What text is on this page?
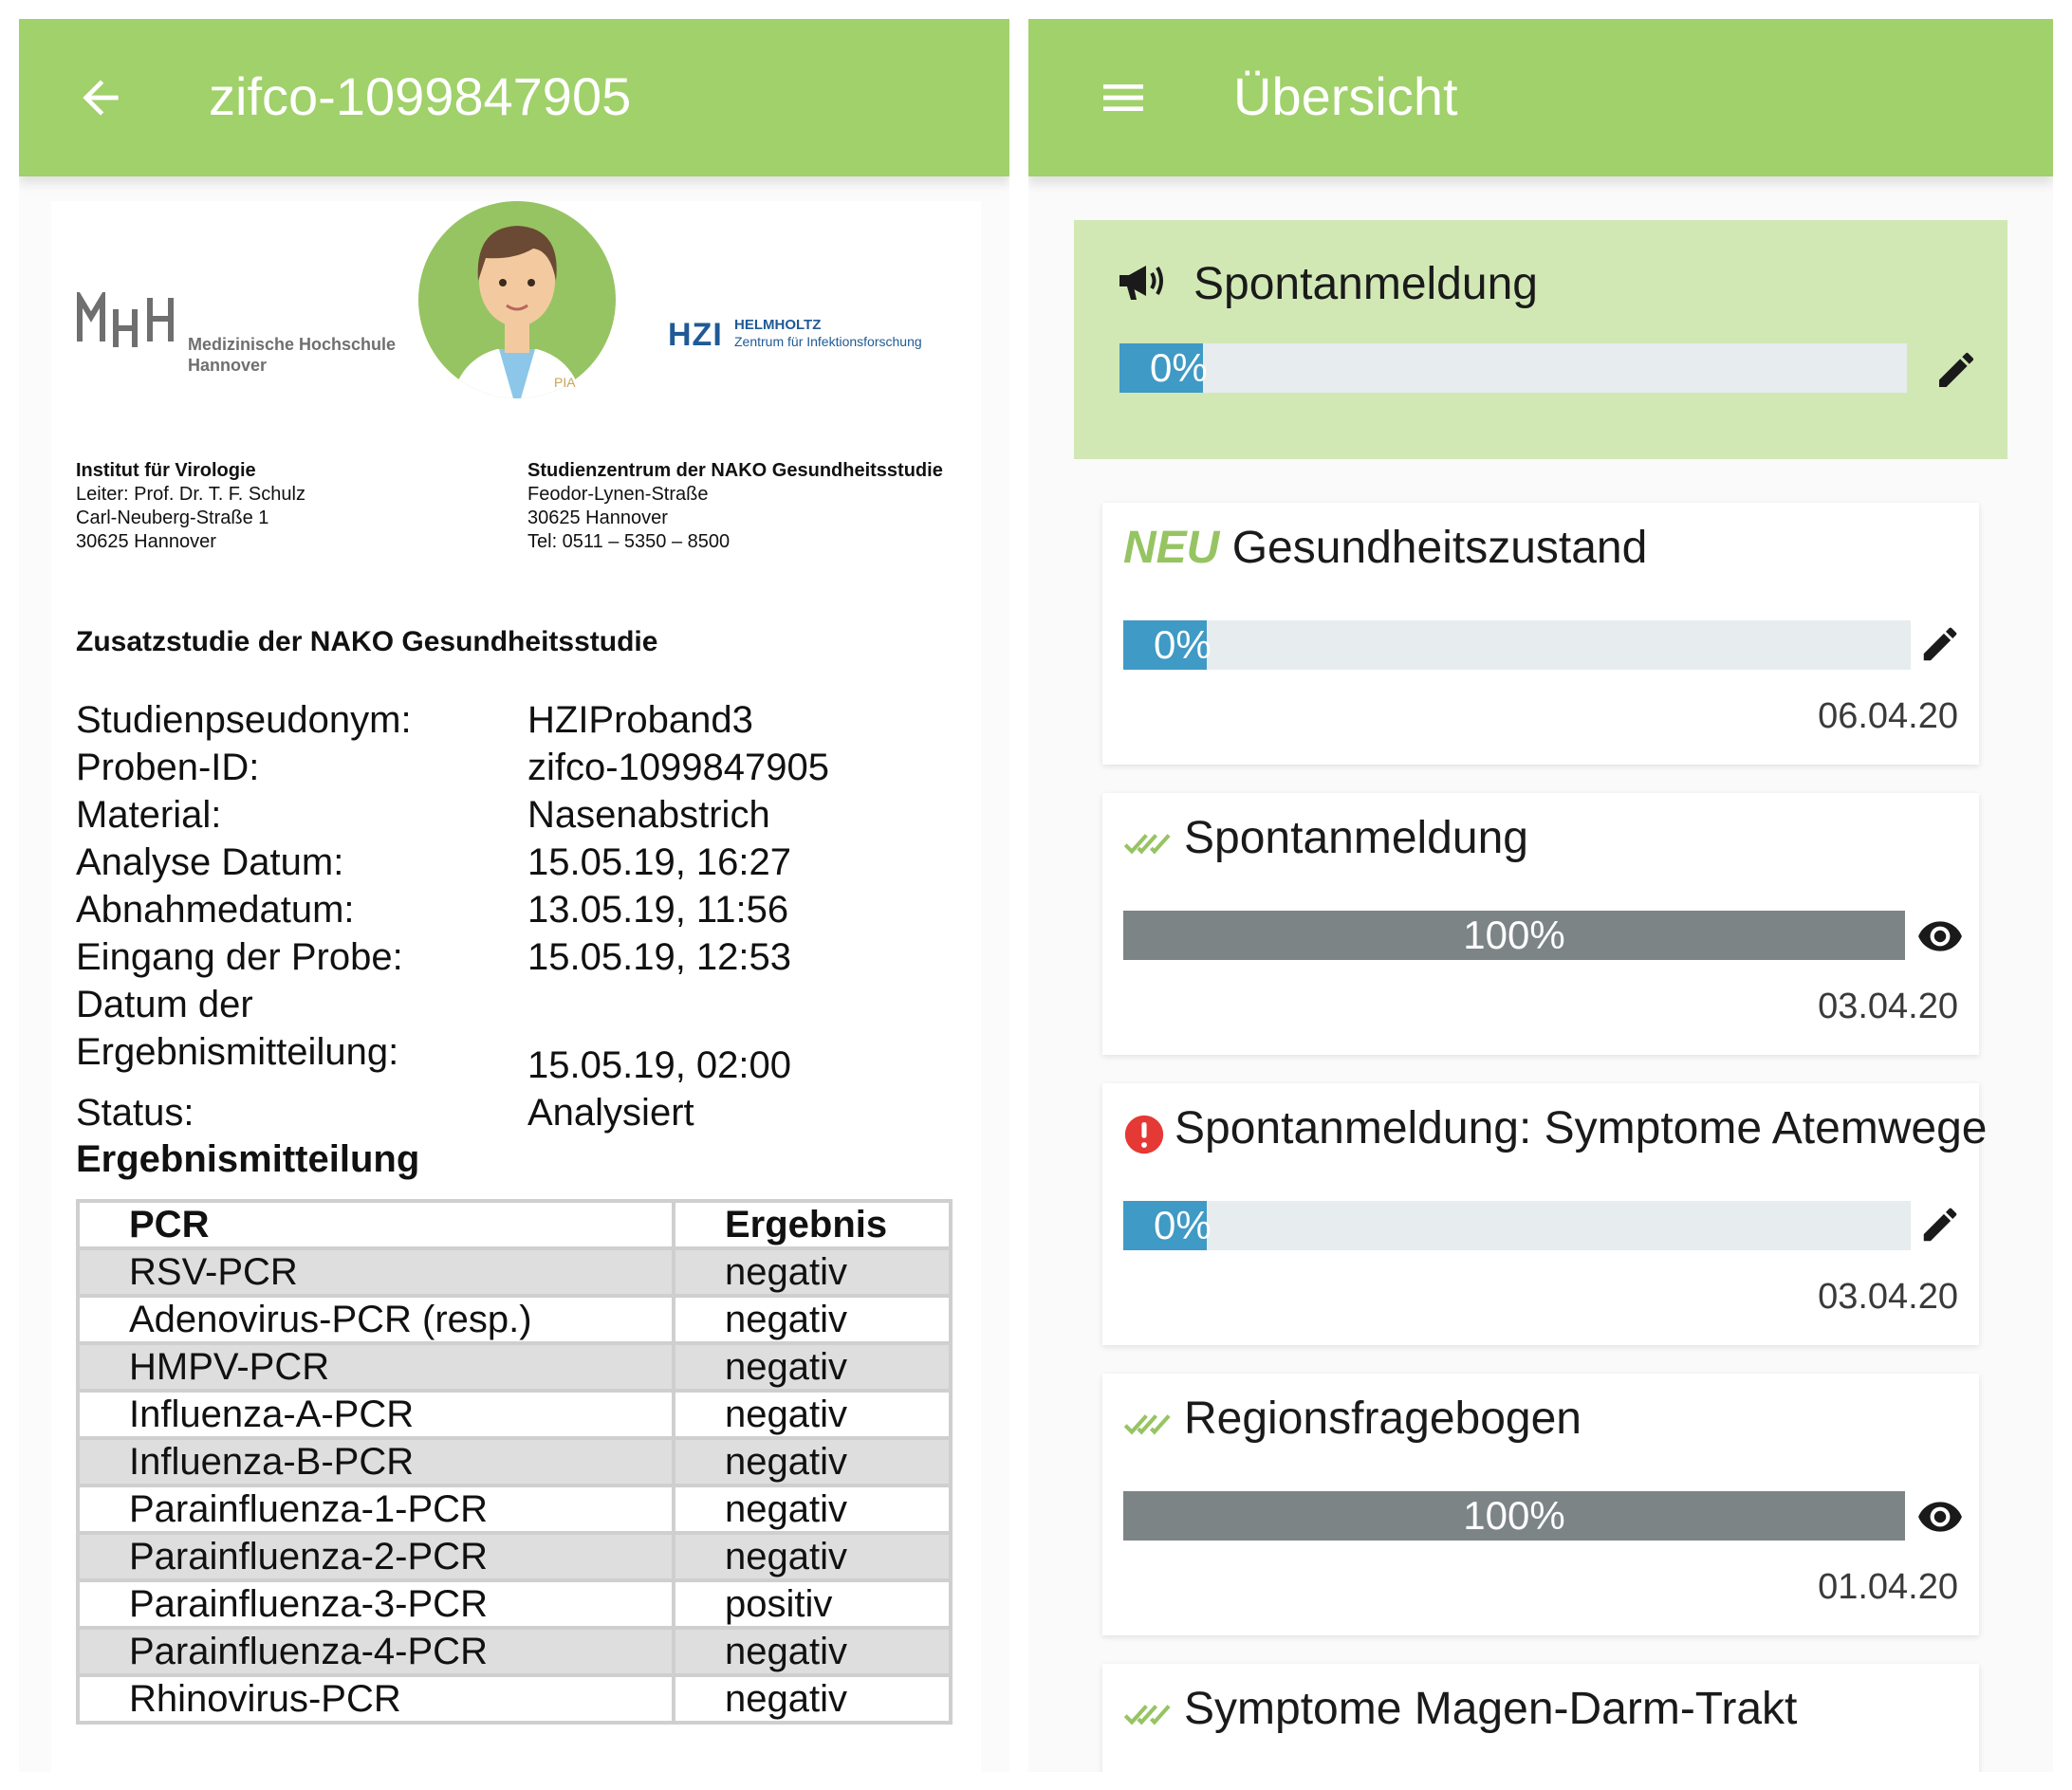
zifco-1099847905
Medizinische Hochschule
Hannover
PIA
HZI HELMHOLTZ
Zentrum für Infektionsforschung
Institut für Virologie
Leiter: Prof. Dr. T. F. Schulz
Carl-Neuberg-Straße 1
30625 Hannover
Studienzentrum der NAKO Gesundheitsstudie
Feodor-Lynen-Straße
30625 Hannover
Tel: 0511 – 5350 – 8500
Zusatzstudie der NAKO Gesundheitsstudie
Studienpseudonym:	HZIProband3
Proben-ID:	zifco-1099847905
Material:	Nasenabstrich
Analyse Datum:	15.05.19, 16:27
Abnahmedatum:	13.05.19, 11:56
Eingang der Probe:	15.05.19, 12:53
Datum der
Ergebnismitteilung:	15.05.19, 02:00
Status:	Analysiert
Ergebnismitteilung
PCR	Ergebnis
RSV-PCR	negativ
Adenovirus-PCR (resp.)	negativ
HMPV-PCR	negativ
Influenza-A-PCR	negativ
Influenza-B-PCR	negativ
Parainfluenza-1-PCR	negativ
Parainfluenza-2-PCR	negativ
Parainfluenza-3-PCR	positiv
Parainfluenza-4-PCR	negativ
Rhinovirus-PCR	negativ
Übersicht
Spontanmeldung
0%
NEU Gesundheitszustand
0%
06.04.20
Spontanmeldung
100%
03.04.20
Spontanmeldung: Symptome Atemwege
0%
03.04.20
Regionsfragebogen
100%
01.04.20
Symptome Magen-Darm-Trakt
